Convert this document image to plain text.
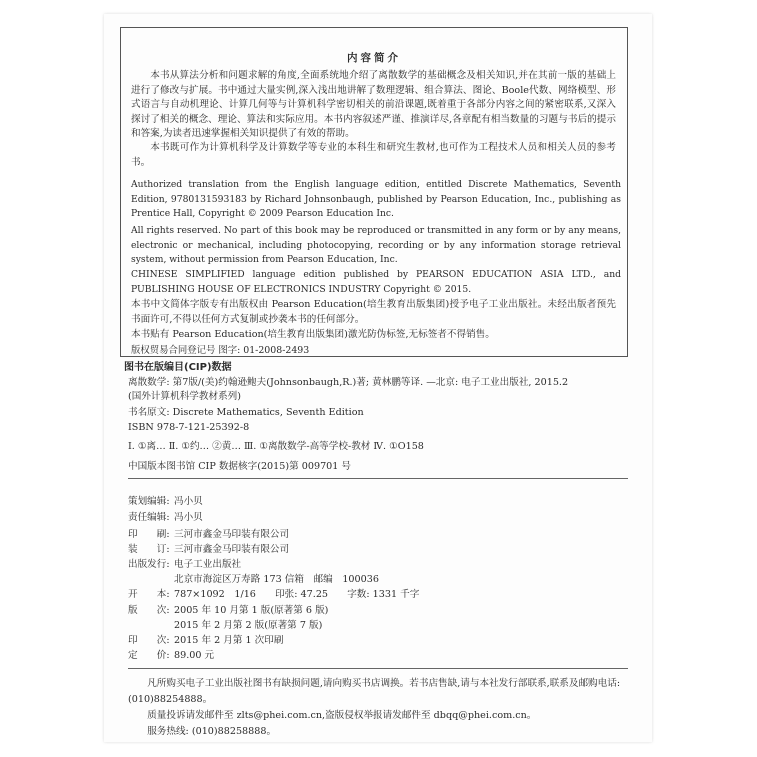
内容简介

本书从算法分析和问题求解的角度,全面系统地介绍了离散数学的基础概念及相关知识,并在其前一版的基础上进行了修改与扩展。书中通过大量实例,深入浅出地讲解了数理逻辑、组合算法、图论、Boole代数、网络模型、形式语言与自动机理论、计算几何等与计算机科学密切相关的前沿课题,既着重于各部分内容之间的紧密联系,又深入探讨了相关的概念、理论、算法和实际应用。本书内容叙述严谨、推演详尽,各章配有相当数量的习题与书后的提示和答案,为读者迅速掌握相关知识提供了有效的帮助。

本书既可作为计算机科学及计算数学等专业的本科生和研究生教材,也可作为工程技术人员和相关人员的参考书。

Authorized translation from the English language edition, entitled Discrete Mathematics, Seventh Edition, 9780131593183 by Richard Johnsonbaugh, published by Pearson Education, Inc., publishing as Prentice Hall, Copyright © 2009 Pearson Education Inc.

All rights reserved. No part of this book may be reproduced or transmitted in any form or by any means, electronic or mechanical, including photocopying, recording or by any information storage retrieval system, without permission from Pearson Education, Inc.

CHINESE SIMPLIFIED language edition published by PEARSON EDUCATION ASIA LTD., and PUBLISHING HOUSE OF ELECTRONICS INDUSTRY Copyright © 2015.

本书中文简体字版专有出版权由 Pearson Education(培生教育出版集团)授予电子工业出版社。未经出版者预先书面许可,不得以任何方式复制或抄袭本书的任何部分。

本书贴有 Pearson Education(培生教育出版集团)激光防伪标签,无标签者不得销售。

版权贸易合同登记号 图字: 01-2008-2493

图书在版编目(CIP)数据

离散数学: 第7版/(美)约翰逊鲍夫(Johnsonbaugh,R.)著; 黄林鹏等译. —北京: 电子工业出版社, 2015.2

(国外计算机科学教材系列)

书名原文: Discrete Mathematics, Seventh Edition

ISBN 978-7-121-25392-8

Ⅰ. ①离… Ⅱ. ①约… ②黄… Ⅲ. ①离散数学-高等学校-教材 Ⅳ. ①O158

中国版本图书馆 CIP 数据核字(2015)第 009701 号

策划编辑: 冯小贝

责任编辑: 冯小贝

印　　刷: 三河市鑫金马印装有限公司

装　　订: 三河市鑫金马印装有限公司

出版发行: 电子工业出版社

北京市海淀区万寿路 173 信箱　邮编　100036

开　　本: 787×1092　1/16　　印张: 47.25　　字数: 1331 千字

版　　次: 2005 年 10 月第 1 版(原著第 6 版)

2015 年 2 月第 2 版(原著第 7 版)

印　　次: 2015 年 2 月第 1 次印刷

定　　价: 89.00 元

凡所购买电子工业出版社图书有缺损问题,请向购买书店调换。若书店售缺,请与本社发行部联系,联系及邮购电话: (010)88254888。

质量投诉请发邮件至 zlts@phei.com.cn,盗版侵权举报请发邮件至 dbqq@phei.com.cn。

服务热线: (010)88258888。
